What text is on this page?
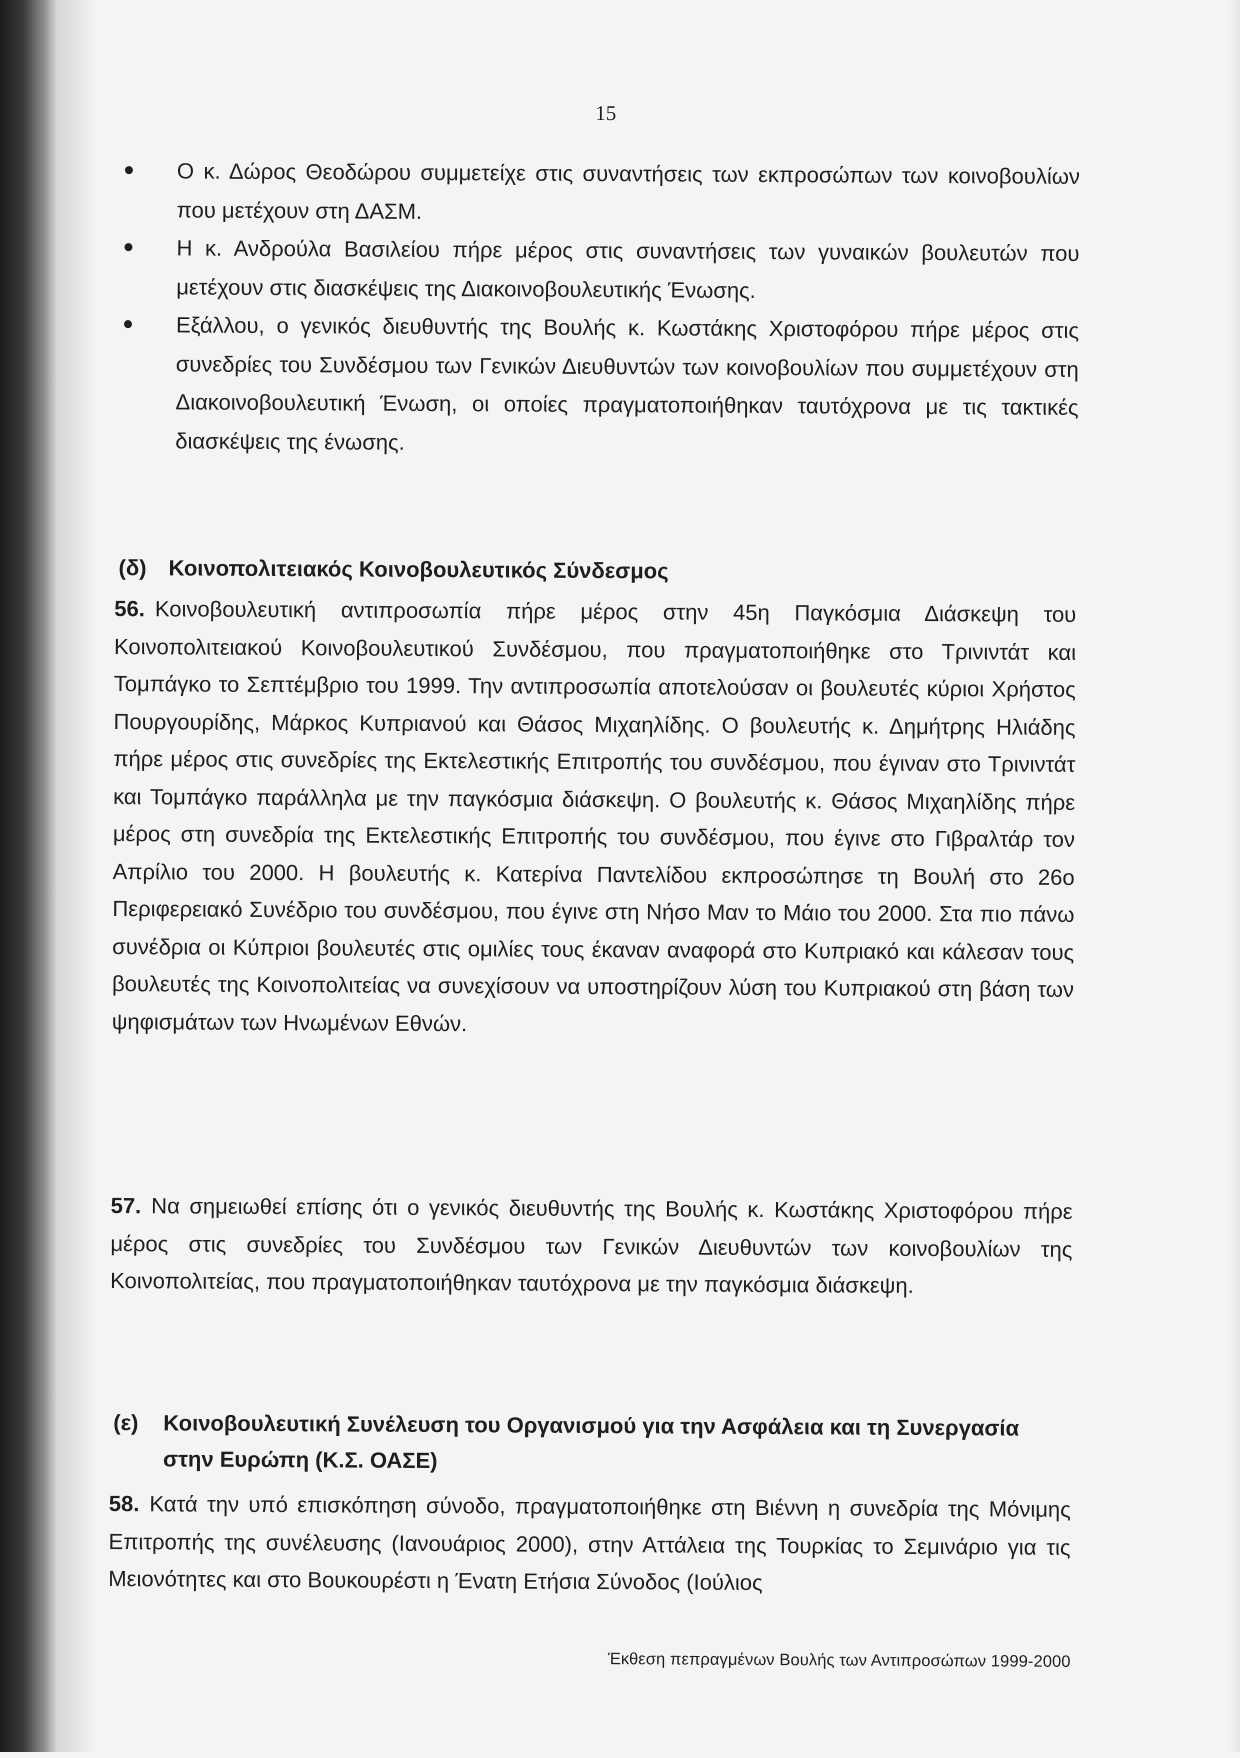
15
Ο κ. Δώρος Θεοδώρου συμμετείχε στις συναντήσεις των εκπροσώπων των κοινοβουλίων που μετέχουν στη ΔΑΣΜ.
Η κ. Ανδρούλα Βασιλείου πήρε μέρος στις συναντήσεις των γυναικών βουλευτών που μετέχουν στις διασκέψεις της Διακοινοβουλευτικής Ένωσης.
Εξάλλου, ο γενικός διευθυντής της Βουλής κ. Κωστάκης Χριστοφόρου πήρε μέρος στις συνεδρίες του Συνδέσμου των Γενικών Διευθυντών των κοινοβουλίων που συμμετέχουν στη Διακοινοβουλευτική Ένωση, οι οποίες πραγματοποιήθηκαν ταυτόχρονα με τις τακτικές διασκέψεις της ένωσης.
(δ) Κοινοπολιτειακός Κοινοβουλευτικός Σύνδεσμος

56. Κοινοβουλευτική αντιπροσωπία πήρε μέρος στην 45η Παγκόσμια Διάσκεψη του Κοινοπολιτειακού Κοινοβουλευτικού Συνδέσμου, που πραγματοποιήθηκε στο Τρινιντάτ και Τομπάγκο το Σεπτέμβριο του 1999. Την αντιπροσωπία αποτελούσαν οι βουλευτές κύριοι Χρήστος Πουργουρίδης, Μάρκος Κυπριανού και Θάσος Μιχαηλίδης. Ο βουλευτής κ. Δημήτρης Ηλιάδης πήρε μέρος στις συνεδρίες της Εκτελεστικής Επιτροπής του συνδέσμου, που έγιναν στο Τρινιντάτ και Τομπάγκο παράλληλα με την παγκόσμια διάσκεψη. Ο βουλευτής κ. Θάσος Μιχαηλίδης πήρε μέρος στη συνεδρία της Εκτελεστικής Επιτροπής του συνδέσμου, που έγινε στο Γιβραλτάρ τον Απρίλιο του 2000. Η βουλευτής κ. Κατερίνα Παντελίδου εκπροσώπησε τη Βουλή στο 26ο Περιφερειακό Συνέδριο του συνδέσμου, που έγινε στη Νήσο Μαν το Μάιο του 2000. Στα πιο πάνω συνέδρια οι Κύπριοι βουλευτές στις ομιλίες τους έκαναν αναφορά στο Κυπριακό και κάλεσαν τους βουλευτές της Κοινοπολιτείας να συνεχίσουν να υποστηρίζουν λύση του Κυπριακού στη βάση των ψηφισμάτων των Ηνωμένων Εθνών.

57. Να σημειωθεί επίσης ότι ο γενικός διευθυντής της Βουλής κ. Κωστάκης Χριστοφόρου πήρε μέρος στις συνεδρίες του Συνδέσμου των Γενικών Διευθυντών των κοινοβουλίων της Κοινοπολιτείας, που πραγματοποιήθηκαν ταυτόχρονα με την παγκόσμια διάσκεψη.

(ε)	Κοινοβουλευτική Συνέλευση του Οργανισμού για την Ασφάλεια και τη Συνεργασία στην Ευρώπη (Κ.Σ. ΟΑΣΕ)

58. Κατά την υπό επισκόπηση σύνοδο, πραγματοποιήθηκε στη Βιέννη η συνεδρία της Μόνιμης Επιτροπής της συνέλευσης (Ιανουάριος 2000), στην Αττάλεια της Τουρκίας το Σεμινάριο για τις Μειονότητες και στο Βουκουρέστι η Ένατη Ετήσια Σύνοδος (Ιούλιος

Έκθεση πεπραγμένων Βουλής των Αντιπροσώπων 1999-2000
